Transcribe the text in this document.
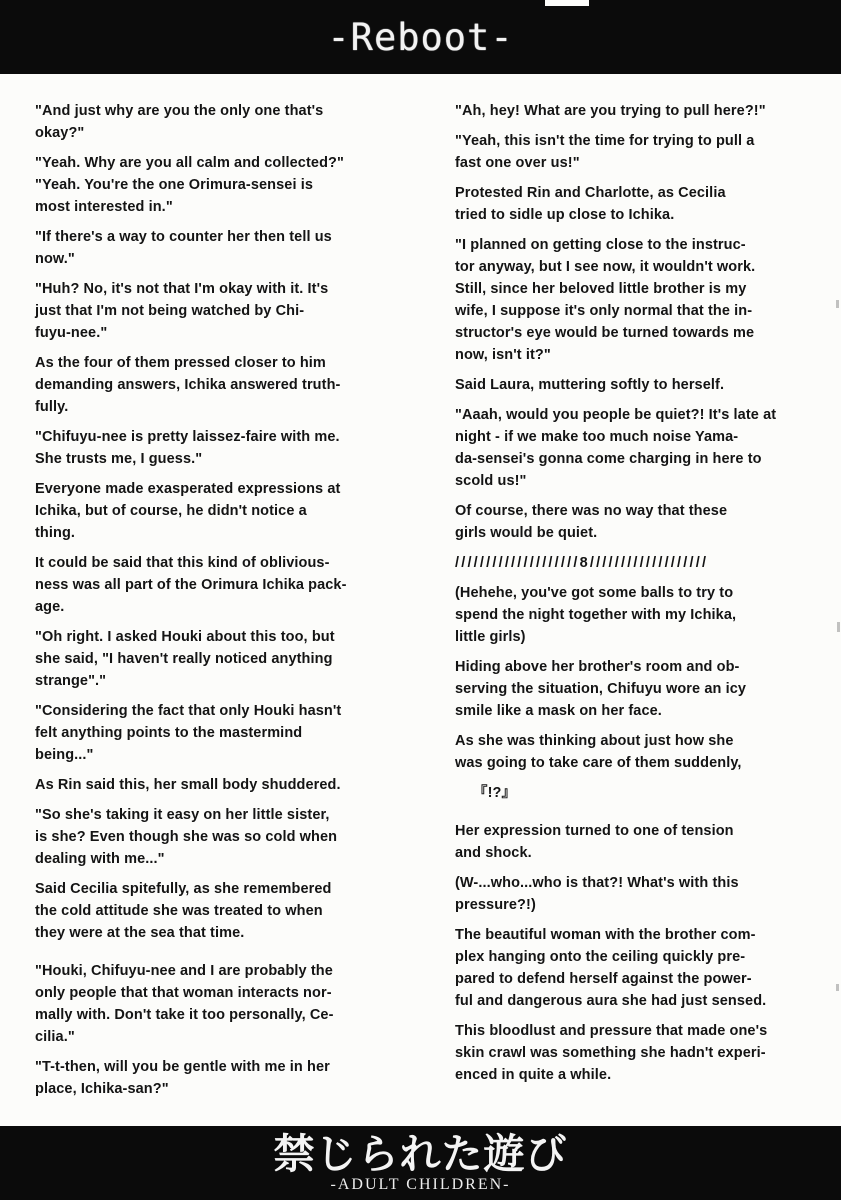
-Reboot-
"And just why are you the only one that's
okay?"
"Yeah. Why are you all calm and collected?"
"Yeah. You're the one Orimura-sensei is
most interested in."
"If there's a way to counter her then tell us
now."
"Huh? No, it's not that I'm okay with it. It's
just that I'm not being watched by Chi-
fuyu-nee."
As the four of them pressed closer to him
demanding answers, Ichika answered truth-
fully.
"Chifuyu-nee is pretty laissez-faire with me.
She trusts me, I guess."
Everyone made exasperated expressions at
Ichika, but of course, he didn't notice a
thing.
It could be said that this kind of oblivious-
ness was all part of the Orimura Ichika pack-
age.
"Oh right. I asked Houki about this too, but
she said, "I haven't really noticed anything
strange"."
"Considering the fact that only Houki hasn't
felt anything points to the mastermind
being..."
As Rin said this, her small body shuddered.
"So she's taking it easy on her little sister,
is she? Even though she was so cold when
dealing with me..."
Said Cecilia spitefully, as she remembered
the cold attitude she was treated to when
they were at the sea that time.
"Houki, Chifuyu-nee and I are probably the
only people that that woman interacts nor-
mally with. Don't take it too personally, Ce-
cilia."
"T-t-then, will you be gentle with me in her
place, Ichika-san?"
"Ah, hey! What are you trying to pull here?!"
"Yeah, this isn't the time for trying to pull a
fast one over us!"
Protested Rin and Charlotte, as Cecilia
tried to sidle up close to Ichika.
"I planned on getting close to the instruc-
tor anyway, but I see now, it wouldn't work.
Still, since her beloved little brother is my
wife, I suppose it's only normal that the in-
structor's eye would be turned towards me
now, isn't it?"
Said Laura, muttering softly to herself.
"Aaah, would you people be quiet?! It's late at
night - if we make too much noise Yama-
da-sensei's gonna come charging in here to
scold us!"
Of course, there was no way that these
girls would be quiet.
////////////////////8///////////////////
(Hehehe, you've got some balls to try to
spend the night together with my Ichika,
little girls)
Hiding above her brother's room and ob-
serving the situation, Chifuyu wore an icy
smile like a mask on her face.
As she was thinking about just how she
was going to take care of them suddenly,
『!?』
Her expression turned to one of tension
and shock.
(W-...who...who is that?! What's with this
pressure?!)
The beautiful woman with the brother com-
plex hanging onto the ceiling quickly pre-
pared to defend herself against the power-
ful and dangerous aura she had just sensed.
This bloodlust and pressure that made one's
skin crawl was something she hadn't experi-
enced in quite a while.
禁じられた遊び
-ADULT CHILDREN-
